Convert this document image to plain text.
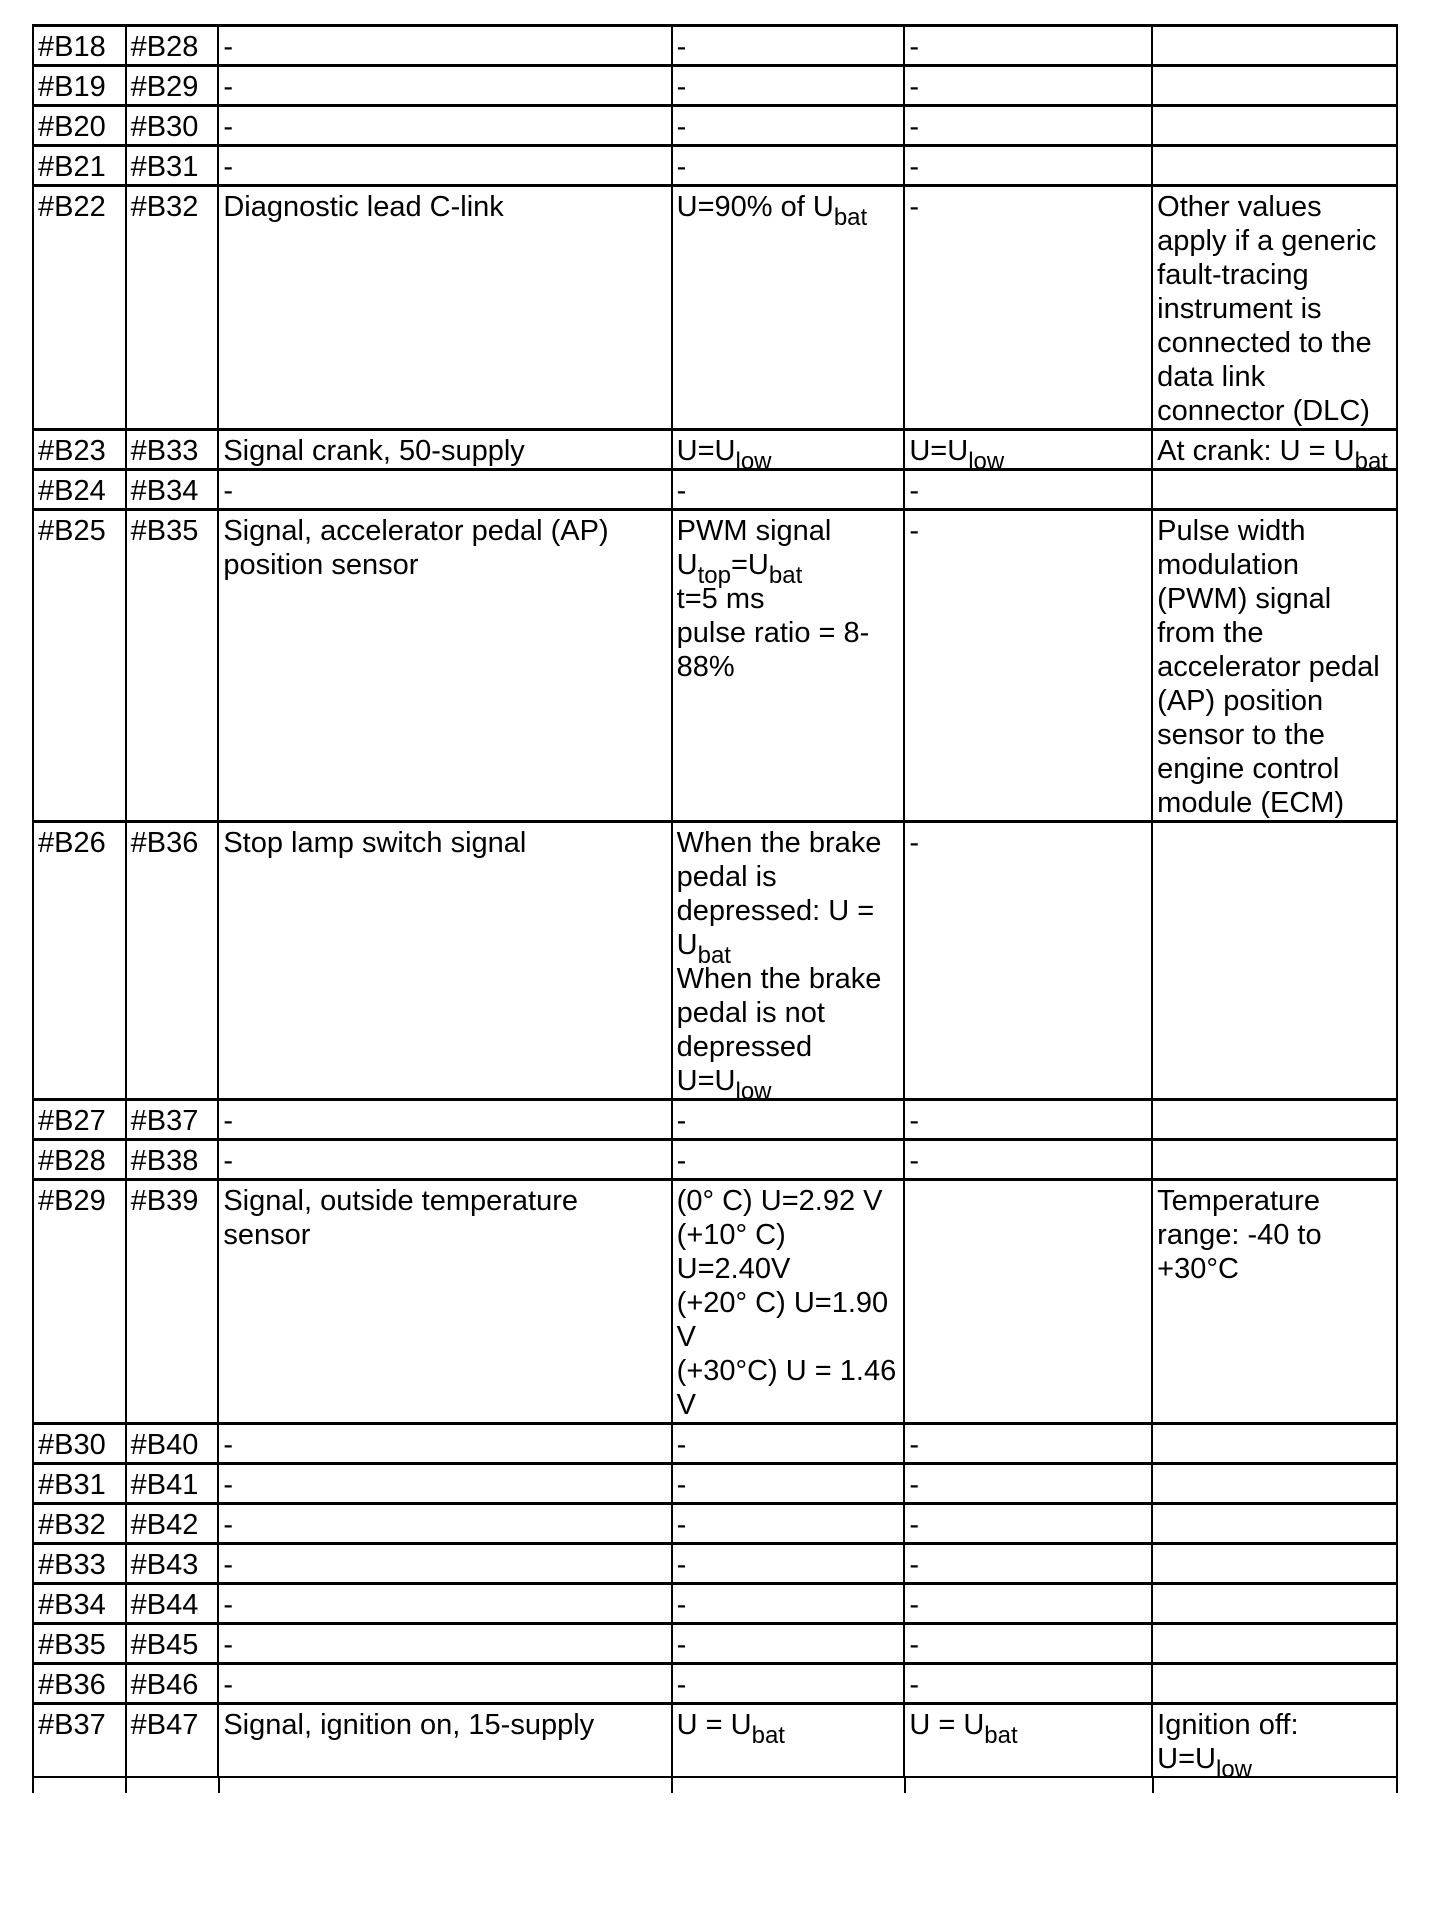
#B18	#B28	-	-	-	

#B19	#B29	-	-	-	

#B20	#B30	-	-	-	

#B21	#B31	-	-	-	

#B22	#B32	Diagnostic lead C-link	U=90% of $U_{bat}$	-	Other values apply if a generic fault-tracing instrument is connected to the data link connector (DLC)

#B23	#B33	Signal crank, 50-supply	$U=U_{low}$	$U=U_{low}$	At crank: $U = U_{bat}$

#B24	#B34	-	-	-	

#B25	#B35	Signal, accelerator pedal (AP) position sensor	PWM signal
$U_{top}=U_{bat}$
t=5 ms
pulse ratio = 8-88%	-	Pulse width modulation (PWM) signal from the accelerator pedal (AP) position sensor to the engine control module (ECM)

#B26	#B36	Stop lamp switch signal	When the brake pedal is depressed: $U = U_{bat}$
When the brake pedal is not depressed $U=U_{low}$	-	

#B27	#B37	-	-	-	

#B28	#B38	-	-	-	

#B29	#B39	Signal, outside temperature sensor	(0° C) U=2.92 V
(+10° C) U=2.40V
(+20° C) U=1.90 V
(+30°C) U = 1.46 V		Temperature range: -40 to +30°C

#B30	#B40	-	-	-	

#B31	#B41	-	-	-	

#B32	#B42	-	-	-	

#B33	#B43	-	-	-	

#B34	#B44	-	-	-	

#B35	#B45	-	-	-	

#B36	#B46	-	-	-	

#B37	#B47	Signal, ignition on, 15-supply	$U = U_{bat}$	$U = U_{bat}$	Ignition off: $U=U_{low}$
